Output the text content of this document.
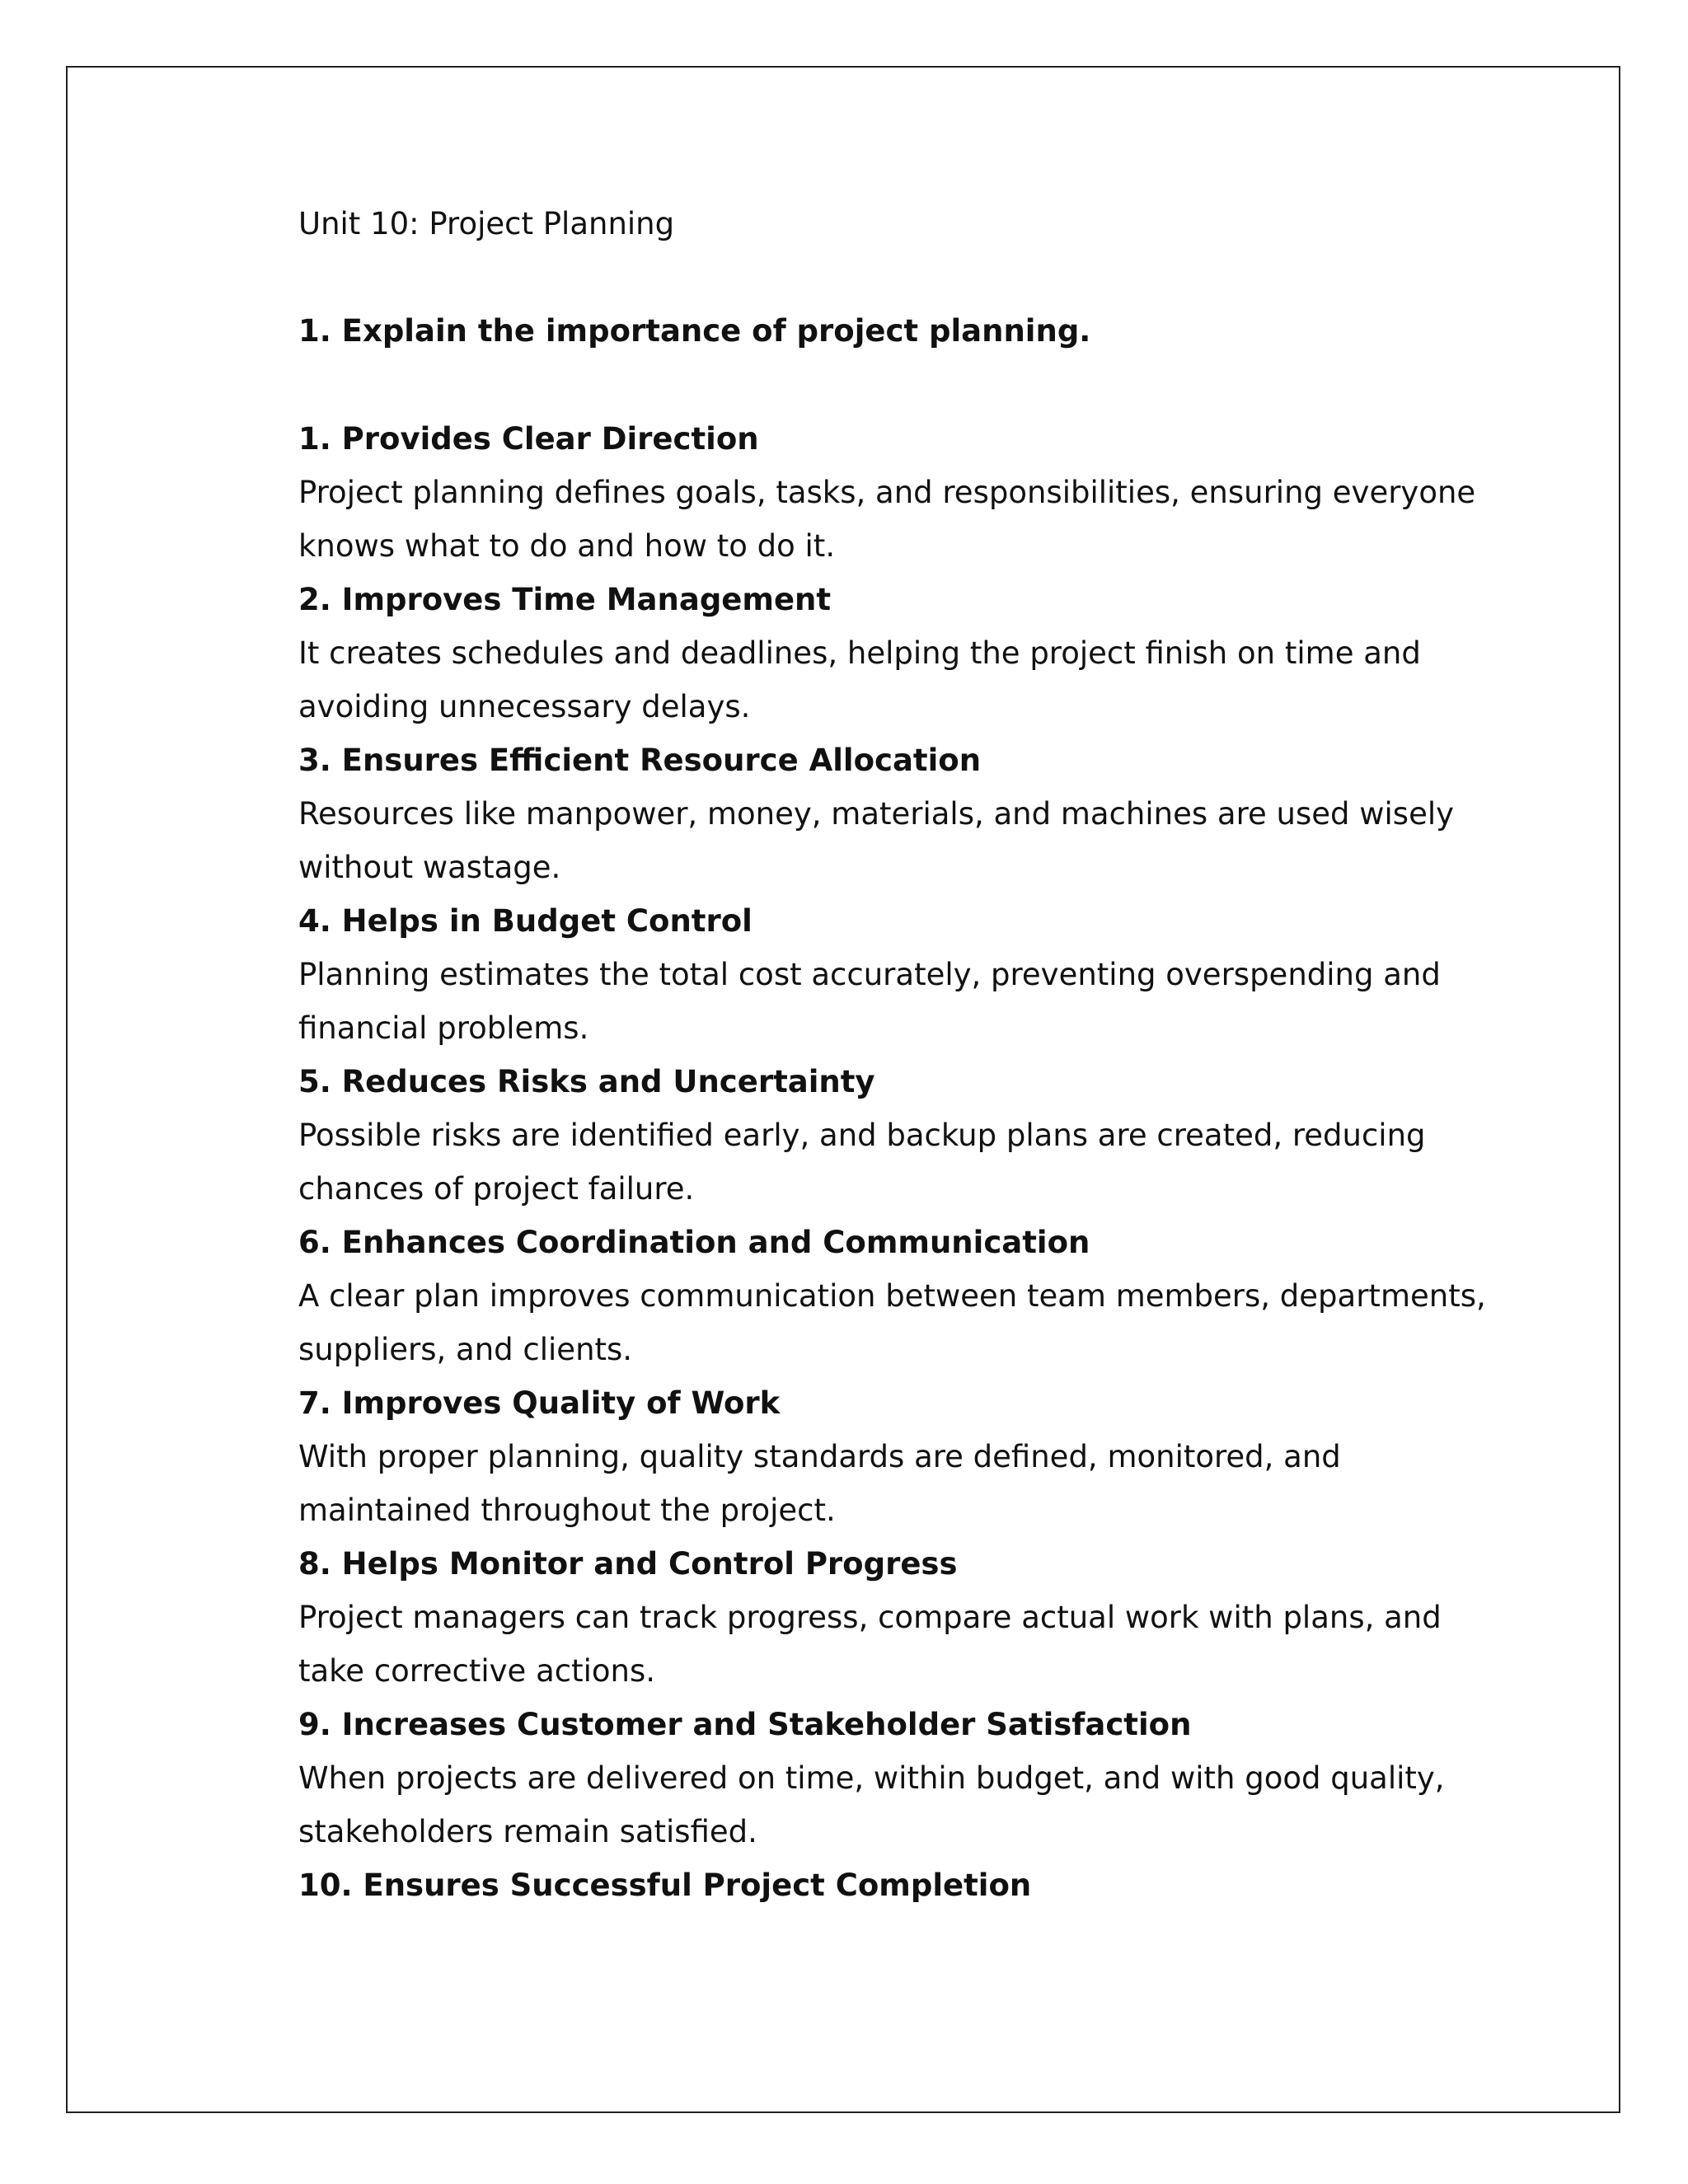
Unit 10: Project Planning
1. Explain the importance of project planning.
1. Provides Clear Direction
Project planning defines goals, tasks, and responsibilities, ensuring everyone knows what to do and how to do it.
2. Improves Time Management
It creates schedules and deadlines, helping the project finish on time and avoiding unnecessary delays.
3. Ensures Efficient Resource Allocation
Resources like manpower, money, materials, and machines are used wisely without wastage.
4. Helps in Budget Control
Planning estimates the total cost accurately, preventing overspending and financial problems.
5. Reduces Risks and Uncertainty
Possible risks are identified early, and backup plans are created, reducing chances of project failure.
6. Enhances Coordination and Communication
A clear plan improves communication between team members, departments, suppliers, and clients.
7. Improves Quality of Work
With proper planning, quality standards are defined, monitored, and maintained throughout the project.
8. Helps Monitor and Control Progress
Project managers can track progress, compare actual work with plans, and take corrective actions.
9. Increases Customer and Stakeholder Satisfaction
When projects are delivered on time, within budget, and with good quality, stakeholders remain satisfied.
10. Ensures Successful Project Completion
